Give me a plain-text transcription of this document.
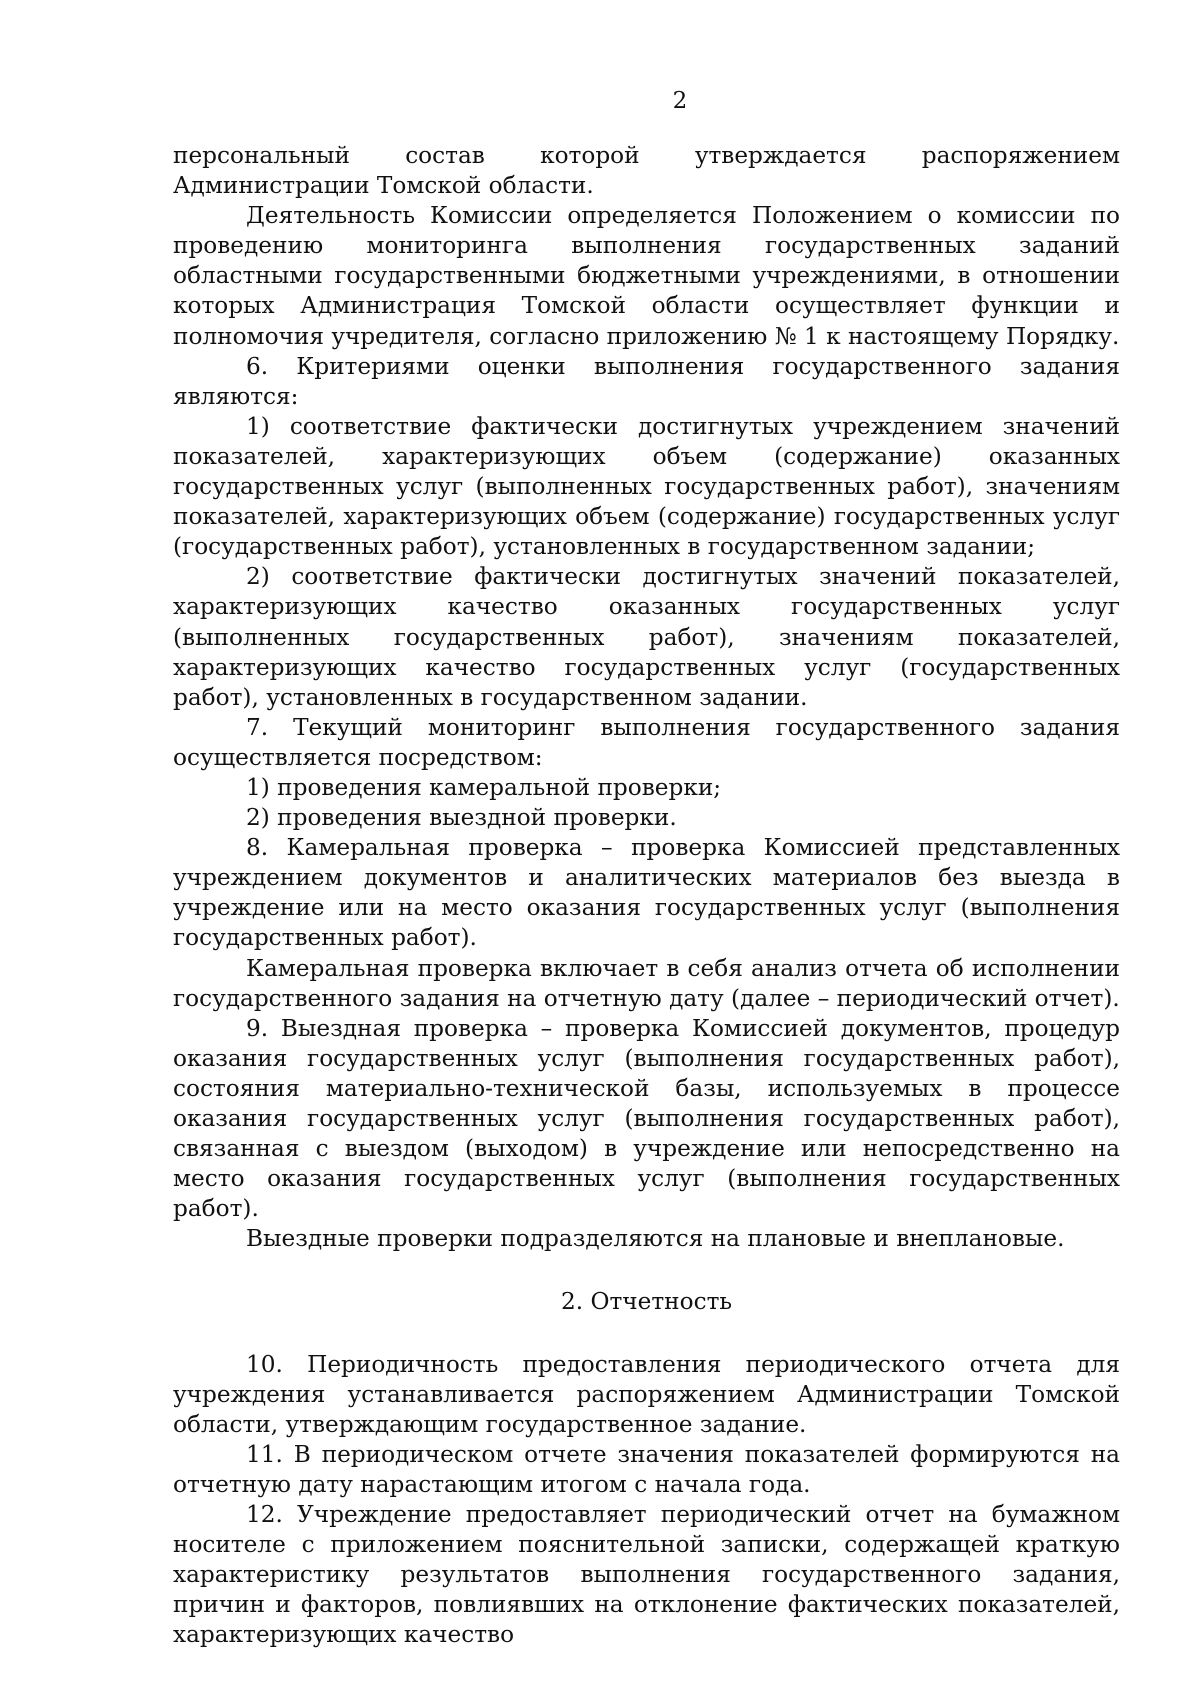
2

персональный состав которой утверждается распоряжением Администрации Томской области.

Деятельность Комиссии определяется Положением о комиссии по проведению мониторинга выполнения государственных заданий областными государственными бюджетными учреждениями, в отношении которых Администрация Томской области осуществляет функции и полномочия учредителя, согласно приложению № 1 к настоящему Порядку.

6. Критериями оценки выполнения государственного задания являются:

1) соответствие фактически достигнутых учреждением значений показателей, характеризующих объем (содержание) оказанных государственных услуг (выполненных государственных работ), значениям показателей, характеризующих объем (содержание) государственных услуг (государственных работ), установленных в государственном задании;

2) соответствие фактически достигнутых значений показателей, характеризующих качество оказанных государственных услуг (выполненных государственных работ), значениям показателей, характеризующих качество государственных услуг (государственных работ), установленных в государственном задании.

7. Текущий мониторинг выполнения государственного задания осуществляется посредством:

1) проведения камеральной проверки;

2) проведения выездной проверки.

8. Камеральная проверка – проверка Комиссией представленных учреждением документов и аналитических материалов без выезда в учреждение или на место оказания государственных услуг (выполнения государственных работ).

Камеральная проверка включает в себя анализ отчета об исполнении государственного задания на отчетную дату (далее – периодический отчет).

9. Выездная проверка – проверка Комиссией документов, процедур оказания государственных услуг (выполнения государственных работ), состояния материально-технической базы, используемых в процессе оказания государственных услуг (выполнения государственных работ), связанная с выездом (выходом) в учреждение или непосредственно на место оказания государственных услуг (выполнения государственных работ).

Выездные проверки подразделяются на плановые и внеплановые.

2. Отчетность

10. Периодичность предоставления периодического отчета для учреждения устанавливается распоряжением Администрации Томской области, утверждающим государственное задание.

11. В периодическом отчете значения показателей формируются на отчетную дату нарастающим итогом с начала года.

12. Учреждение предоставляет периодический отчет на бумажном носителе с приложением пояснительной записки, содержащей краткую характеристику результатов выполнения государственного задания, причин и факторов, повлиявших на отклонение фактических показателей, характеризующих качество
